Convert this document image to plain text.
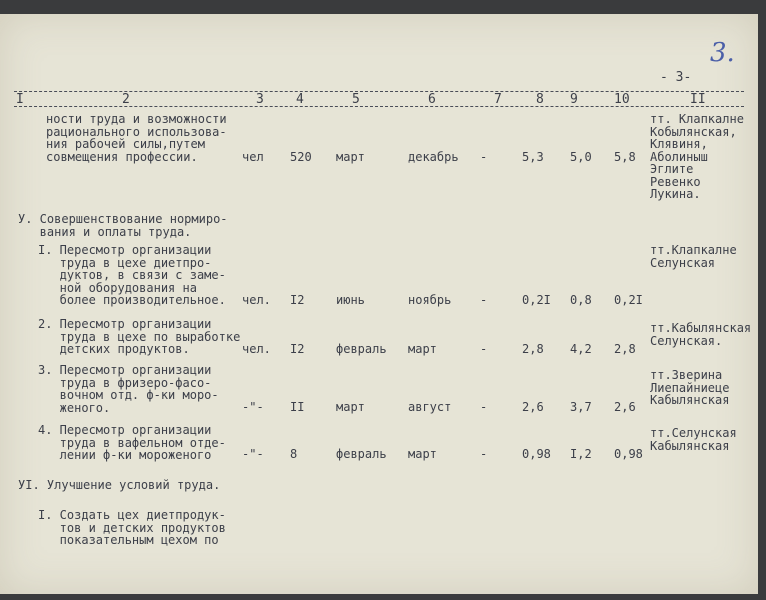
3.
- 3-
I	2	3 4	5	6	7	8 9	10	II
ности труда и возможности
рационального использова-
ния рабочей силы,путем
совмещения профессии.	чел 520 март	декабрь -	5,3 5,0 5,8
тт. Клапкалне
Кобылянская,
Клявиня,
Аболиныш
Эглите
Ревенко
Лукина.
У. Совершенствование нормиро-
вания и оплаты труда.
I. Пересмотр организации
труда в цехе диетпро-
дуктов, в связи с заме-
ной оборудования на
более производительное. чел. I2	июнь	ноябрь -	0,2I 0,8 0,2I
тт.Клапкалне
Селунская
2. Пересмотр организации
труда в цехе по выработке
детских продуктов.	чел. I2	февраль март	-	2,8 4,2 2,8
тт.Кабылянская
Селунская.
3. Пересмотр организации
труда в фризеро-фасо-
вочном отд. ф-ки моро-
женого.	-"- II	март	август -	2,6 3,7 2,6
тт.Зверина
Лиепайниеце
Кабылянская
4. Пересмотр организации
труда в вафельном отде-
лении ф-ки мороженого	-"- 8	февраль март	-	0,98 I,2 0,98
тт.Селунская
Кабылянская
УI. Улучшение условий труда.
I. Создать цех диетпродук-
тов и детских продуктов
показательным цехом по
